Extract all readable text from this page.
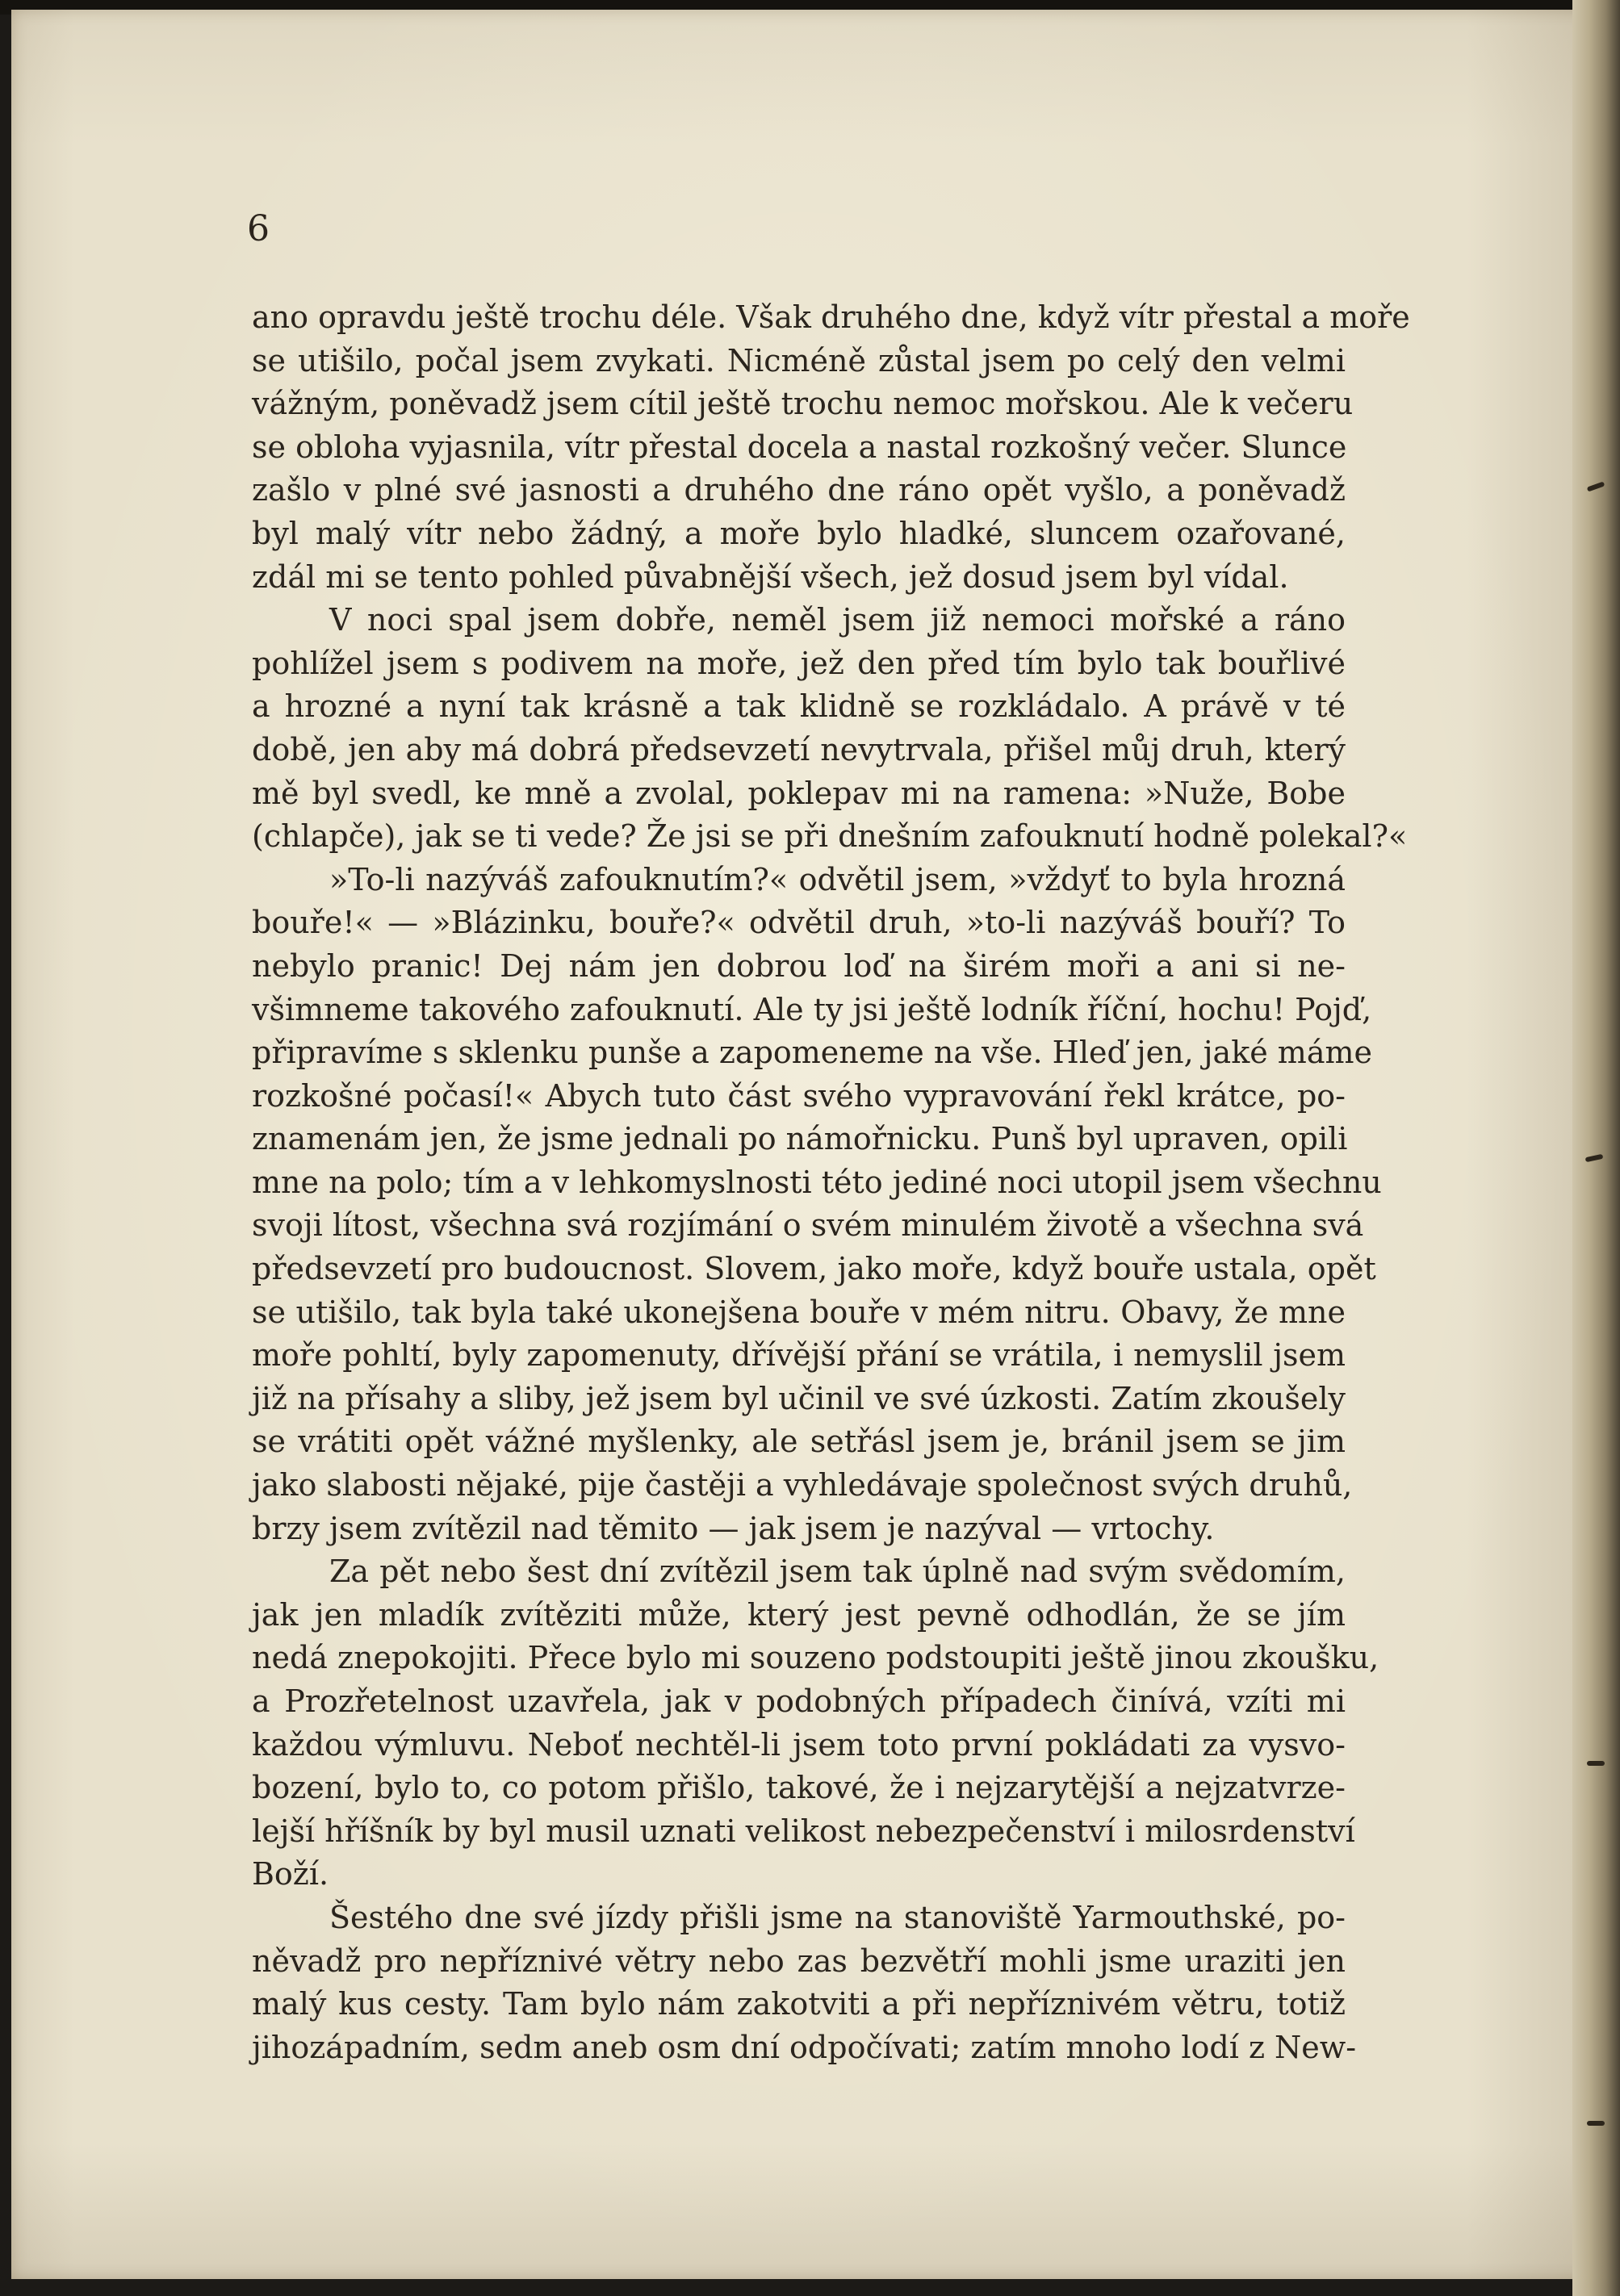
6

ano opravdu ještě trochu déle. Však druhého dne, když vítr přestal a moře
se utišilo, počal jsem zvykati. Nicméně zůstal jsem po celý den velmi
vážným, poněvadž jsem cítil ještě trochu nemoc mořskou. Ale k večeru
se obloha vyjasnila, vítr přestal docela a nastal rozkošný večer. Slunce
zašlo v plné své jasnosti a druhého dne ráno opět vyšlo, a poněvadž
byl malý vítr nebo žádný, a moře bylo hladké, sluncem ozařované,
zdál mi se tento pohled půvabnější všech, jež dosud jsem byl vídal.

V noci spal jsem dobře, neměl jsem již nemoci mořské a ráno
pohlížel jsem s podivem na moře, jež den před tím bylo tak bouřlivé
a hrozné a nyní tak krásně a tak klidně se rozkládalo. A právě v té
době, jen aby má dobrá předsevzetí nevytrvala, přišel můj druh, který
mě byl svedl, ke mně a zvolal, poklepav mi na ramena: »Nuže, Bobe
(chlapče), jak se ti vede? Že jsi se při dnešním zafouknutí hodně polekal?«

»To-li nazýváš zafouknutím?« odvětil jsem, »vždyť to byla hrozná
bouře!« — »Blázinku, bouře?« odvětil druh, »to-li nazýváš bouří? To
nebylo pranic! Dej nám jen dobrou loď na širém moři a ani si ne-
všimneme takového zafouknutí. Ale ty jsi ještě lodník říční, hochu! Pojď,
připravíme s sklenku punše a zapomeneme na vše. Hleď jen, jaké máme
rozkošné počasí!« Abych tuto část svého vypravování řekl krátce, po-
znamenám jen, že jsme jednali po námořnicku. Punš byl upraven, opili
mne na polo; tím a v lehkomyslnosti této jediné noci utopil jsem všechnu
svoji lítost, všechna svá rozjímání o svém minulém životě a všechna svá
předsevzetí pro budoucnost. Slovem, jako moře, když bouře ustala, opět
se utišilo, tak byla také ukonejšena bouře v mém nitru. Obavy, že mne
moře pohltí, byly zapomenuty, dřívější přání se vrátila, i nemyslil jsem
již na přísahy a sliby, jež jsem byl učinil ve své úzkosti. Zatím zkoušely
se vrátiti opět vážné myšlenky, ale setřásl jsem je, bránil jsem se jim
jako slabosti nějaké, pije častěji a vyhledávaje společnost svých druhů,
brzy jsem zvítězil nad těmito — jak jsem je nazýval — vrtochy.

Za pět nebo šest dní zvítězil jsem tak úplně nad svým svědomím,
jak jen mladík zvítěziti může, který jest pevně odhodlán, že se jím
nedá znepokojiti. Přece bylo mi souzeno podstoupiti ještě jinou zkoušku,
a Prozřetelnost uzavřela, jak v podobných případech činívá, vzíti mi
každou výmluvu. Neboť nechtěl-li jsem toto první pokládati za vysvo-
bození, bylo to, co potom přišlo, takové, že i nejzarytější a nejzatvrze-
lejší hříšník by byl musil uznati velikost nebezpečenství i milosrdenství
Boží.

Šestého dne své jízdy přišli jsme na stanoviště Yarmouthské, po-
něvadž pro nepříznivé větry nebo zas bezvětří mohli jsme uraziti jen
malý kus cesty. Tam bylo nám zakotviti a při nepříznivém větru, totiž
jihozápadním, sedm aneb osm dní odpočívati; zatím mnoho lodí z New-
